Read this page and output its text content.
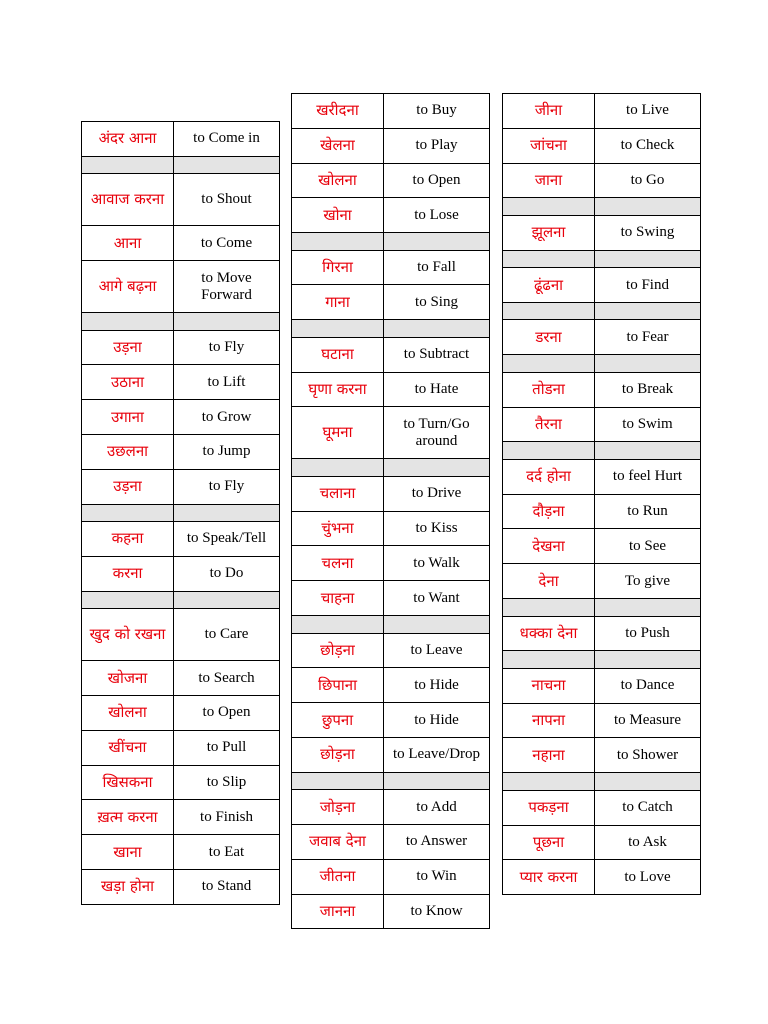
अंदर आना	to Come in

आवाज करना	to Shout
आना	to Come
आगे बढ़ना	to Move Forward

उड़ना	to Fly
उठाना	to Lift
उगाना	to Grow
उछलना	to Jump
उड़ना	to Fly

कहना	to Speak/Tell
करना	to Do

खुद को रखना	to Care
खोजना	to Search
खोलना	to Open
खींचना	to Pull
खिसकना	to Slip
ख़त्म करना	to Finish
खाना	to Eat
खड़ा होना	to Stand
खरीदना	to Buy
खेलना	to Play
खोलना	to Open
खोना	to Lose

गिरना	to Fall
गाना	to Sing

घटाना	to Subtract
घृणा करना	to Hate
घूमना	to Turn/Go around

चलाना	to Drive
चुंभना	to Kiss
चलना	to Walk
चाहना	to Want

छोड़ना	to Leave
छिपाना	to Hide
छुपना	to Hide
छोड़ना	to Leave/Drop

जोड़ना	to Add
जवाब देना	to Answer
जीतना	to Win
जानना	to Know
जीना	to Live
जांचना	to Check
जाना	to Go

झूलना	to Swing

ढूंढना	to Find

डरना	to Fear

तोडना	to Break
तैरना	to Swim

दर्द होना	to feel Hurt
दौड़ना	to Run
देखना	to See
देना	To give

धक्का देना	to Push

नाचना	to Dance
नापना	to Measure
नहाना	to Shower

पकड़ना	to Catch
पूछना	to Ask
प्यार करना	to Love
